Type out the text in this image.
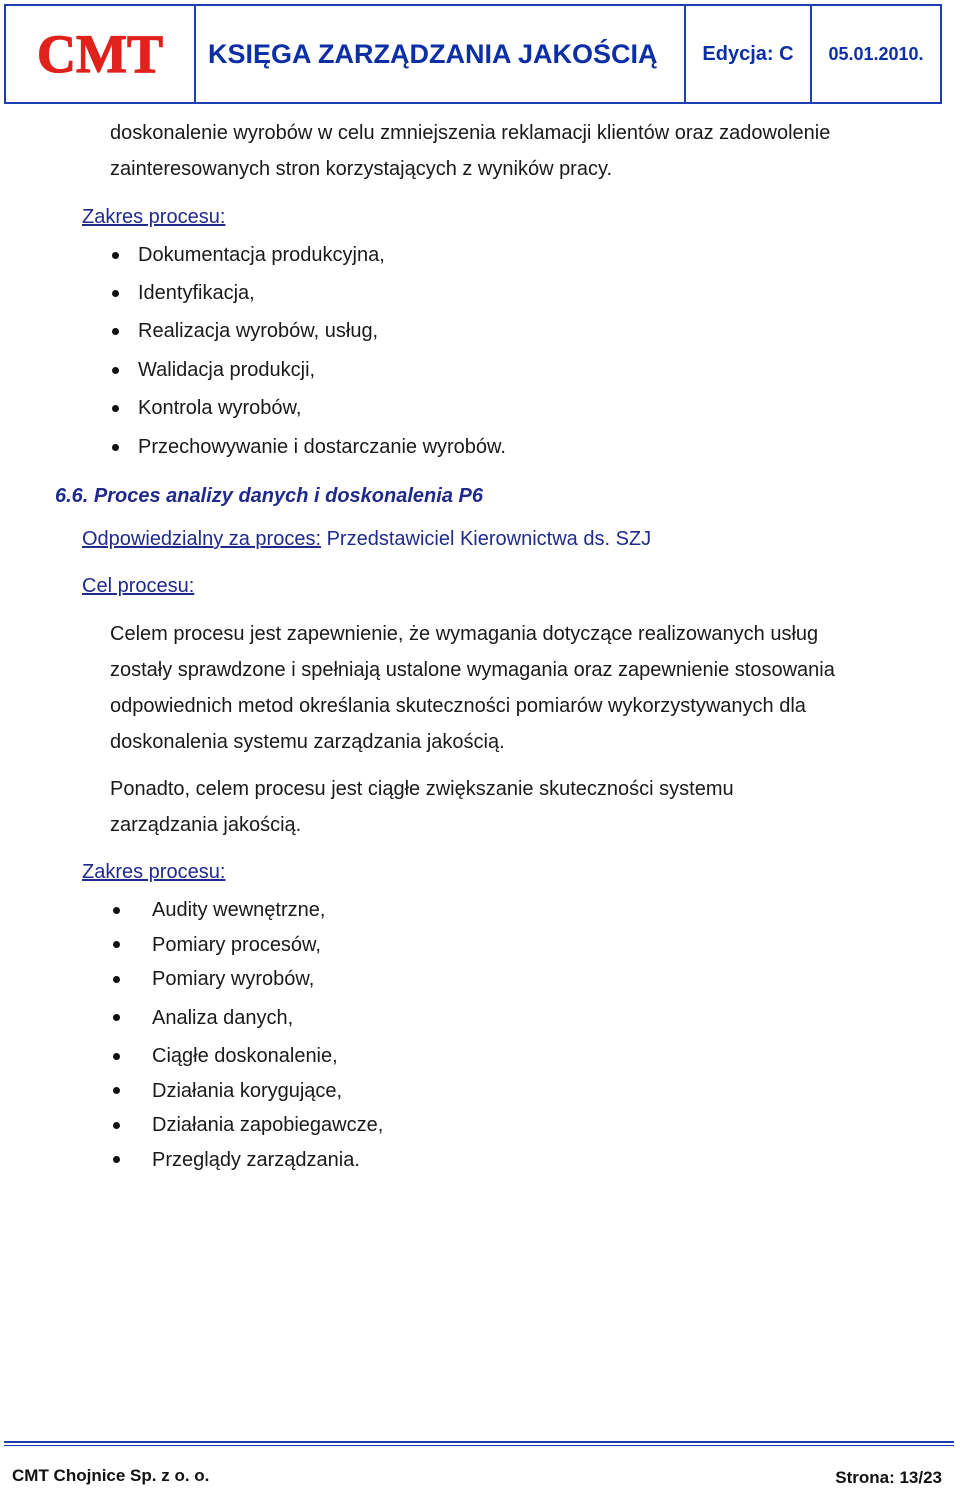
CMT	KSIĘGA ZARZĄDZANIA JAKOŚCIĄ	Edycja: C	05.01.2010.
doskonalenie wyrobów w celu zmniejszenia reklamacji klientów oraz zadowolenie
zainteresowanych stron korzystających z wyników pracy.
Zakres procesu:
Dokumentacja produkcyjna,
Identyfikacja,
Realizacja wyrobów, usług,
Walidacja produkcji,
Kontrola wyrobów,
Przechowywanie i dostarczanie wyrobów.
6.6. Proces analizy danych i doskonalenia P6
Odpowiedzialny za proces: Przedstawiciel Kierownictwa ds. SZJ
Cel procesu:
Celem procesu jest zapewnienie, że wymagania dotyczące realizowanych usług
zostały sprawdzone i spełniają ustalone wymagania oraz zapewnienie stosowania
odpowiednich metod określania skuteczności pomiarów wykorzystywanych dla
doskonalenia systemu zarządzania jakością.
Ponadto, celem procesu jest ciągłe zwiększanie skuteczności systemu
zarządzania jakością.
Zakres procesu:
Audity wewnętrzne,
Pomiary procesów,
Pomiary wyrobów,
Analiza danych,
Ciągłe doskonalenie,
Działania korygujące,
Działania zapobiegawcze,
Przeglądy zarządzania.
CMT Chojnice Sp. z o. o.	Strona: 13/23
